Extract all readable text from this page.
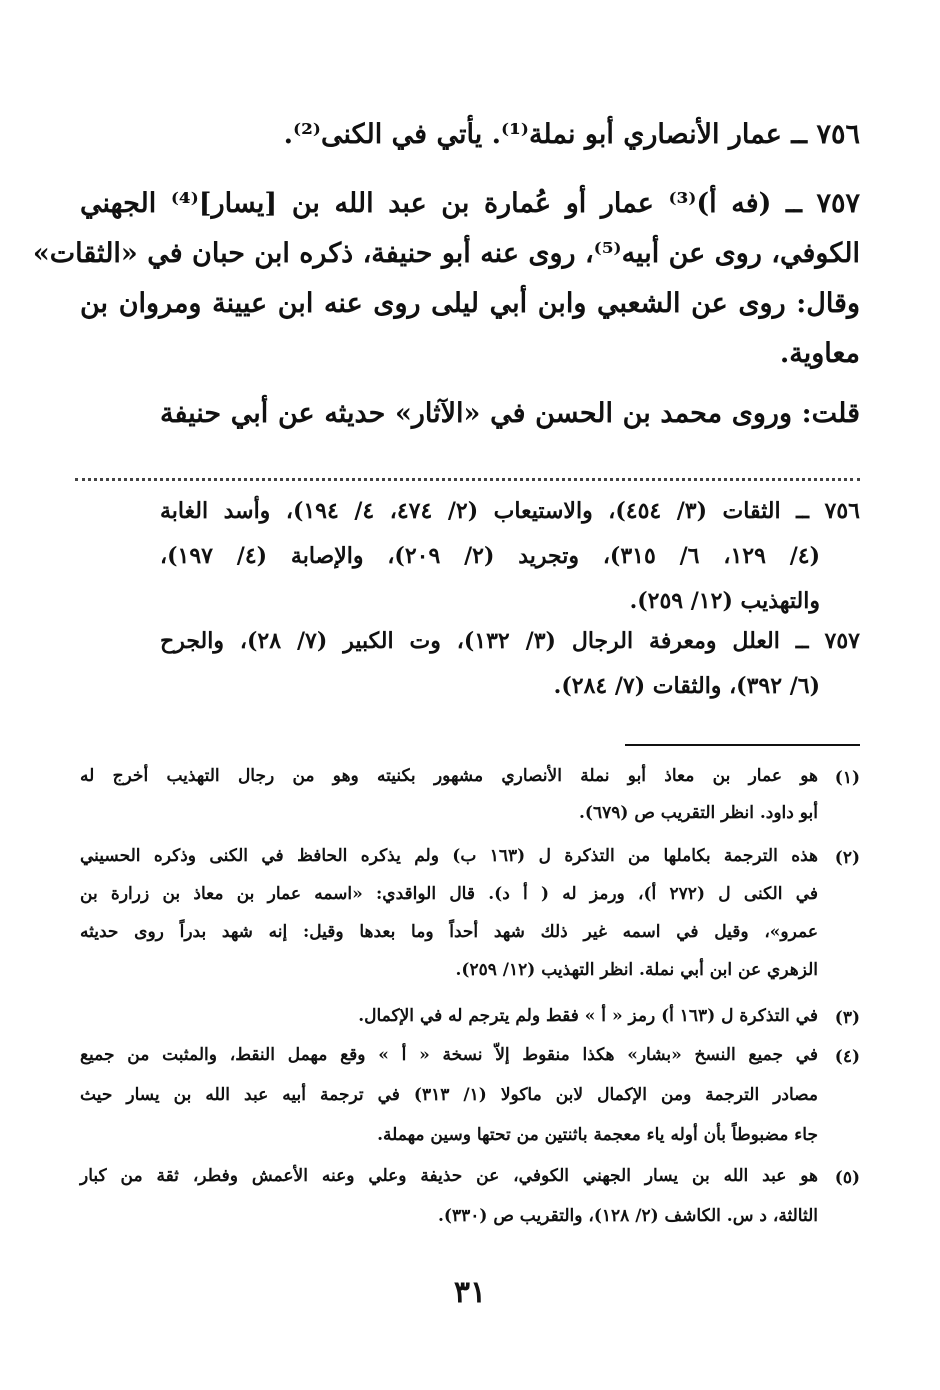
٧٥٦ ــ عمار الأنصاري أبو نملة⁽¹⁾. يأتي في الكنى⁽²⁾.
٧٥٧ ــ (فه أ)⁽³⁾ عمار أو عُمارة بن عبد الله بن [يسار]⁽⁴⁾ الجهني
الكوفي، روى عن أبيه⁽⁵⁾، روى عنه أبو حنيفة، ذكره ابن حبان في «الثقات»
وقال: روى عن الشعبي وابن أبي ليلى روى عنه ابن عيينة ومروان بن
معاوية.
قلت: وروى محمد بن الحسن في «الآثار» حديثه عن أبي حنيفة
٧٥٦ ــ الثقات (٣/ ٤٥٤)، والاستيعاب (٢/ ٤٧٤، ٤/ ١٩٤)، وأسد الغابة
(٤/ ١٢٩، ٦/ ٣١٥)، وتجريد (٢/ ٢٠٩)، والإصابة (٤/ ١٩٧)،
والتهذيب (١٢/ ٢٥٩).
٧٥٧ ــ العلل ومعرفة الرجال (٣/ ١٣٢)، وت الكبير (٧/ ٢٨)، والجرح
(٦/ ٣٩٢)، والثقات (٧/ ٢٨٤).
(١)
هو عمار بن معاذ أبو نملة الأنصاري مشهور بكنيته وهو من رجال التهذيب أخرج له
أبو داود. انظر التقريب ص (٦٧٩).
(٢)
هذه الترجمة بكاملها من التذكرة ل (١٦٣ ب) ولم يذكره الحافظ في الكنى وذكره الحسيني
في الكنى ل (٢٧٢ أ)، ورمز له ( أ د). قال الواقدي: «اسمه عمار بن معاذ بن زرارة بن
عمرو»، وقيل في اسمه غير ذلك شهد أحداً وما بعدها وقيل: إنه شهد بدراً روى حديثه
الزهري عن ابن أبي نملة. انظر التهذيب (١٢/ ٢٥٩).
(٣)
في التذكرة ل (١٦٣ أ) رمز « أ » فقط ولم يترجم له في الإكمال.
(٤)
في جميع النسخ «بشار» هكذا منقوط إلاّ نسخة « أ » وقع مهمل النقط، والمثبت من جميع
مصادر الترجمة ومن الإكمال لابن ماكولا (١/ ٣١٣) في ترجمة أبيه عبد الله بن يسار حيث
جاء مضبوطاً بأن أوله ياء معجمة باثنتين من تحتها وسين مهملة.
(٥)
هو عبد الله بن يسار الجهني الكوفي، عن حذيفة وعلي وعنه الأعمش وفطر، ثقة من كبار
الثالثة، د س. الكاشف (٢/ ١٢٨)، والتقريب ص (٣٣٠).
٣١
